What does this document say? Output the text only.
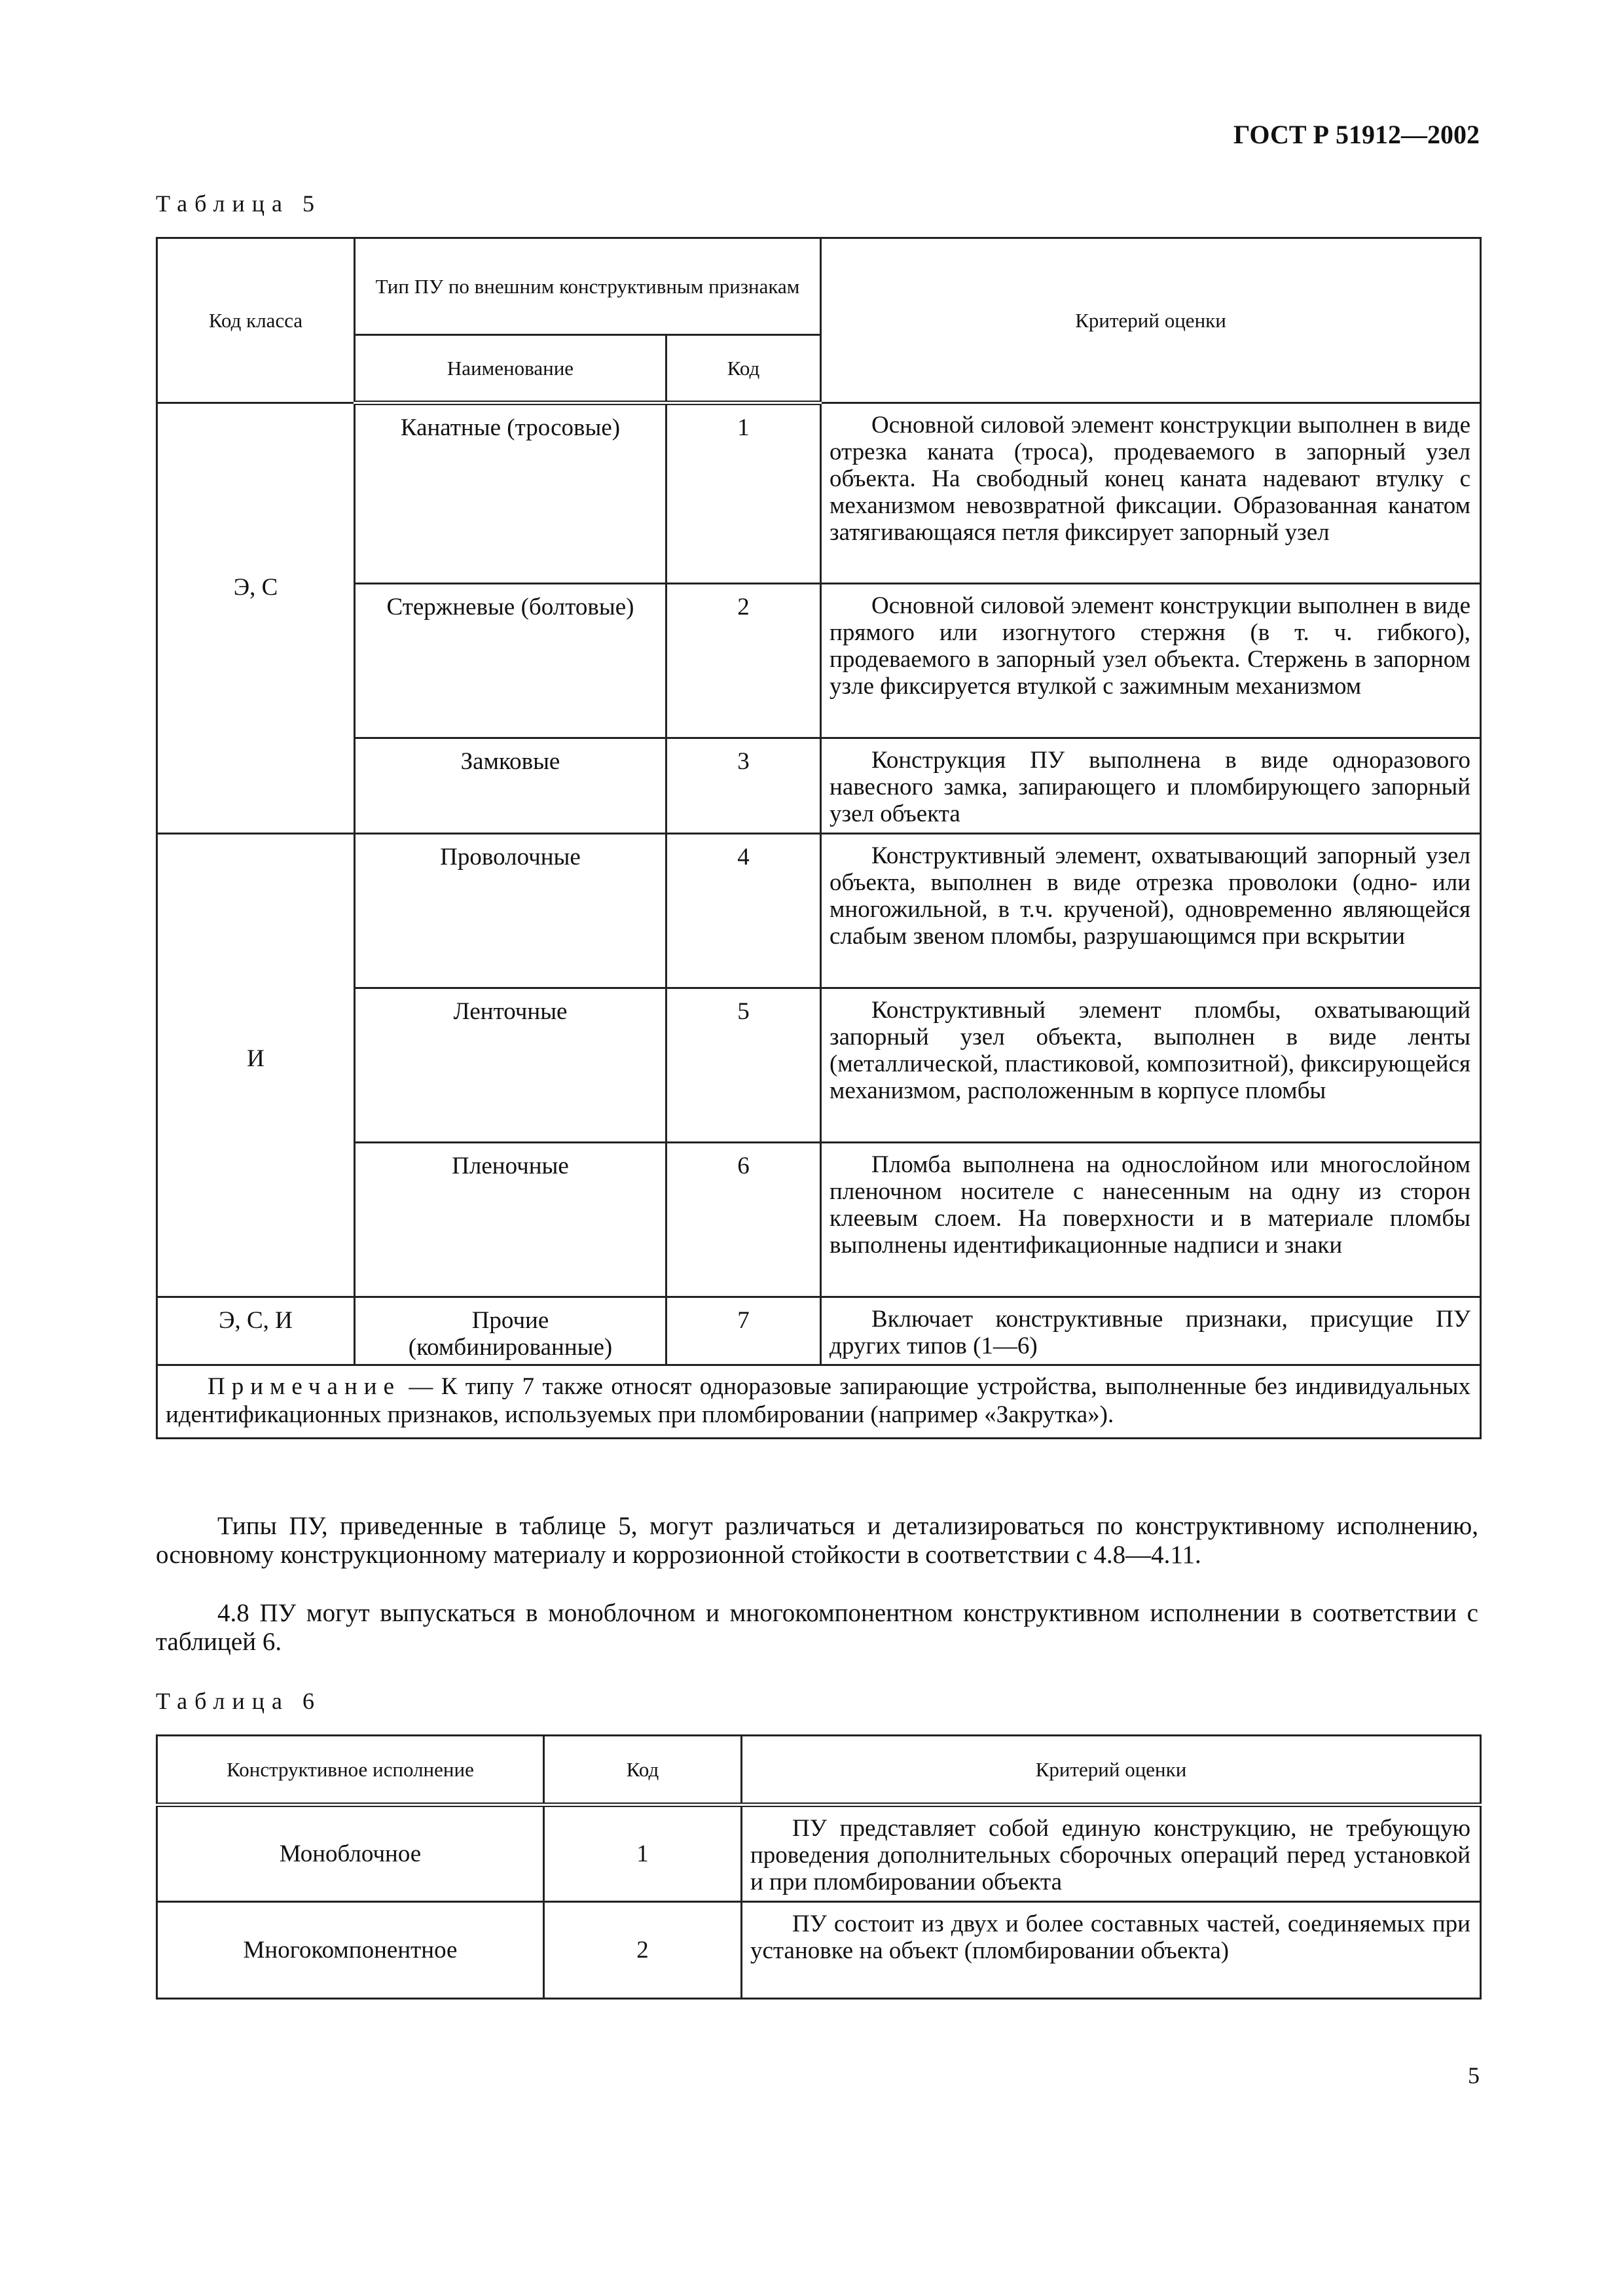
ГОСТ Р 51912—2002
Таблица 5
Код класса	Тип ПУ по внешним конструктивным признакам		Критерий оценки
	Наименование	Код	
Э, С	Канатные (тросовые)	1	Основной силовой элемент конструкции выполнен в виде отрезка каната (троса), продеваемого в запорный узел объекта. На свободный конец каната надевают втулку с механизмом невозвратной фиксации. Образованная канатом затягивающаяся петля фиксирует запорный узел
	Стержневые (болтовые)	2	Основной силовой элемент конструкции выполнен в виде прямого или изогнутого стержня (в т. ч. гибкого), продеваемого в запорный узел объекта. Стержень в запорном узле фиксируется втулкой с зажимным механизмом
	Замковые	3	Конструкция ПУ выполнена в виде одноразового навесного замка, запирающего и пломбирующего запорный узел объекта
И	Проволочные	4	Конструктивный элемент, охватывающий запорный узел объекта, выполнен в виде отрезка проволоки (одно- или многожильной, в т.ч. крученой), одновременно являющейся слабым звеном пломбы, разрушающимся при вскрытии
	Ленточные	5	Конструктивный элемент пломбы, охватывающий запорный узел объекта, выполнен в виде ленты (металлической, пластиковой, композитной), фиксирующейся механизмом, расположенным в корпусе пломбы
	Пленочные	6	Пломба выполнена на однослойном или многослойном пленочном носителе с нанесенным на одну из сторон клеевым слоем. На поверхности и в материале пломбы выполнены идентификационные надписи и знаки
Э, С, И	Прочие (комбинированные)	7	Включает конструктивные признаки, присущие ПУ других типов (1—6)
Примечание — К типу 7 также относят одноразовые запирающие устройства, выполненные без индивидуальных идентификационных признаков, используемых при пломбировании (например «Закрутка»).			
Типы ПУ, приведенные в таблице 5, могут различаться и детализироваться по конструктивному исполнению, основному конструкционному материалу и коррозионной стойкости в соответствии с 4.8—4.11.
4.8 ПУ могут выпускаться в моноблочном и многокомпонентном конструктивном исполнении в соответствии с таблицей 6.
Таблица 6
Конструктивное исполнение	Код	Критерий оценки
Моноблочное	1	ПУ представляет собой единую конструкцию, не требующую проведения дополнительных сборочных операций перед установкой и при пломбировании объекта
Многокомпонентное	2	ПУ состоит из двух и более составных частей, соединяемых при установке на объект (пломбировании объекта)
5
